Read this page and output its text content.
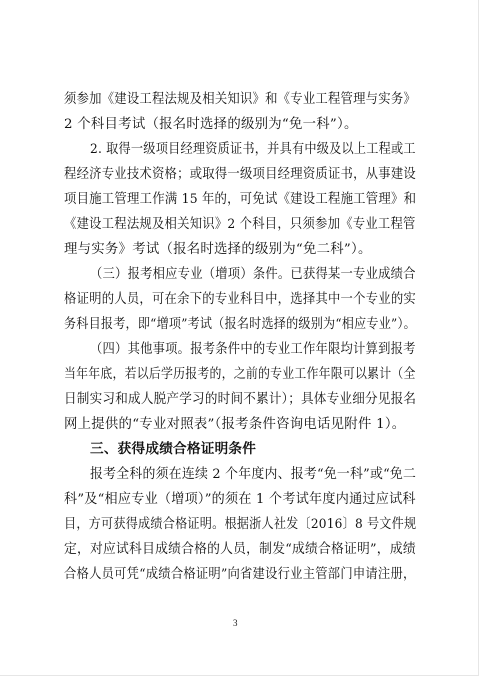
须参加《建设工程法规及相关知识》和《专业工程管理与实务》
2 个科目考试（报名时选择的级别为“免一科”）。
2. 取得一级项目经理资质证书，并具有中级及以上工程或工
程经济专业技术资格；或取得一级项目经理资质证书，从事建设
项目施工管理工作满 15 年的，可免试《建设工程施工管理》和
《建设工程法规及相关知识》2 个科目，只须参加《专业工程管
理与实务》考试（报名时选择的级别为“免二科”）。
（三）报考相应专业（增项）条件。已获得某一专业成绩合
格证明的人员，可在余下的专业科目中，选择其中一个专业的实
务科目报考，即“增项”考试（报名时选择的级别为“相应专业”）。
（四）其他事项。报考条件中的专业工作年限均计算到报考
当年年底，若以后学历报考的，之前的专业工作年限可以累计（全
日制实习和成人脱产学习的时间不累计）；具体专业细分见报名
网上提供的“专业对照表”（报考条件咨询电话见附件 1）。
三、获得成绩合格证明条件
报考全科的须在连续 2 个年度内、报考“免一科”或“免二
科”及“相应专业（增项）”的须在 1 个考试年度内通过应试科
目，方可获得成绩合格证明。根据浙人社发〔2016〕8 号文件规
定，对应试科目成绩合格的人员，制发“成绩合格证明”，成绩
合格人员可凭“成绩合格证明”向省建设行业主管部门申请注册，
3
